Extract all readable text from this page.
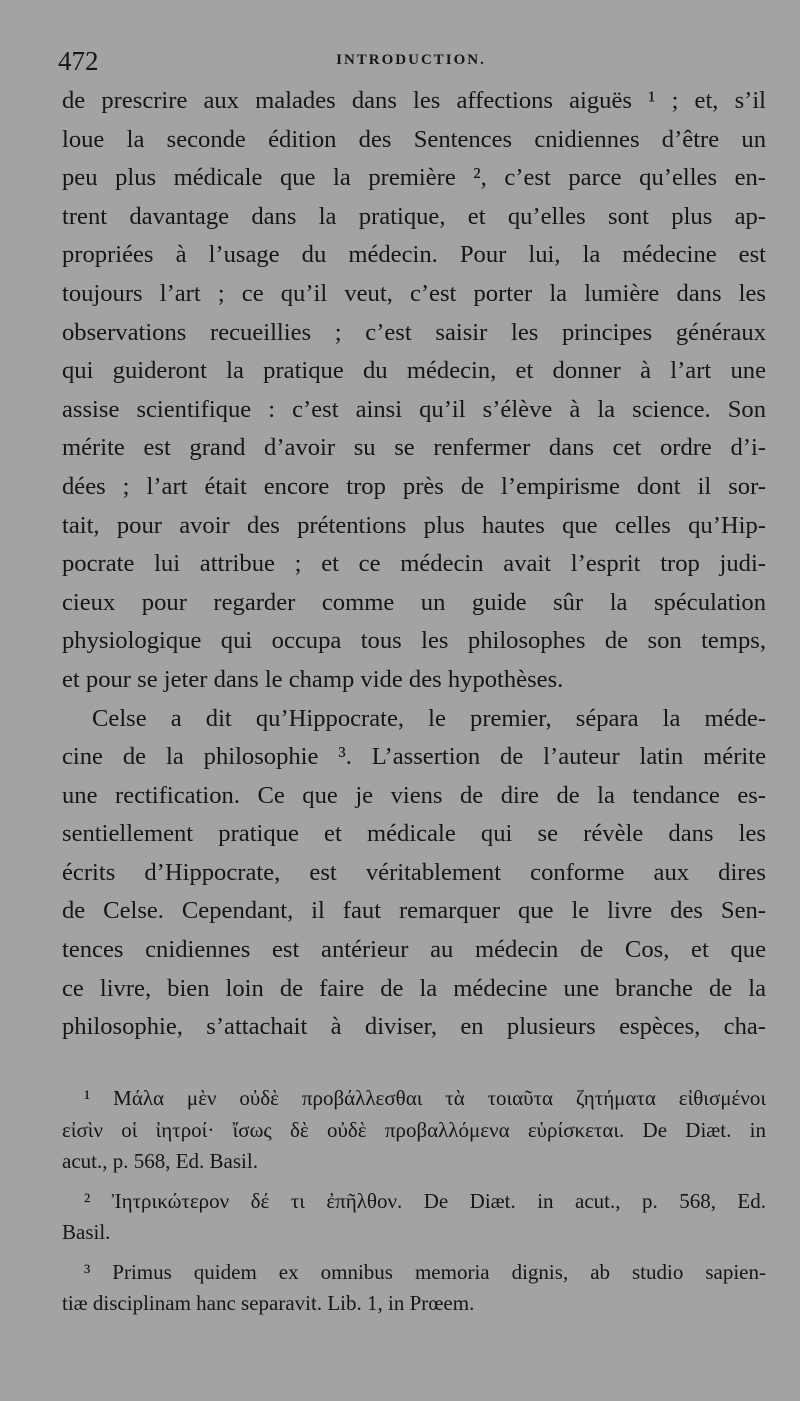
472	INTRODUCTION.
de prescrire aux malades dans les affections aiguës ¹ ; et, s’il
loue la seconde édition des Sentences cnidiennes d’être un
peu plus médicale que la première ², c’est parce qu’elles en-
trent davantage dans la pratique, et qu’elles sont plus ap-
propriées à l’usage du médecin. Pour lui, la médecine est
toujours l’art ; ce qu’il veut, c’est porter la lumière dans les
observations recueillies ; c’est saisir les principes généraux
qui guideront la pratique du médecin, et donner à l’art une
assise scientifique : c’est ainsi qu’il s’élève à la science. Son
mérite est grand d’avoir su se renfermer dans cet ordre d’i-
dées ; l’art était encore trop près de l’empirisme dont il sor-
tait, pour avoir des prétentions plus hautes que celles qu’Hip-
pocrate lui attribue ; et ce médecin avait l’esprit trop judi-
cieux pour regarder comme un guide sûr la spéculation
physiologique qui occupa tous les philosophes de son temps,
et pour se jeter dans le champ vide des hypothèses.
Celse a dit qu’Hippocrate, le premier, sépara la méde-
cine de la philosophie ³. L’assertion de l’auteur latin mérite
une rectification. Ce que je viens de dire de la tendance es-
sentiellement pratique et médicale qui se révèle dans les
écrits d’Hippocrate, est véritablement conforme aux dires
de Celse. Cependant, il faut remarquer que le livre des Sen-
tences cnidiennes est antérieur au médecin de Cos, et que
ce livre, bien loin de faire de la médecine une branche de la
philosophie, s’attachait à diviser, en plusieurs espèces, cha-
¹ Μάλα μὲν οὐδὲ προβάλλεσθαι τὰ τοιαῦτα ζητήματα εἰθισμένοι
εἰσὶν οἱ ἰητροί· ἴσως δὲ οὐδὲ προβαλλόμενα εὑρίσκεται. De Diæt. in
acut., p. 568, Ed. Basil.
² Ἰητρικώτερον δέ τι ἐπῆλθον. De Diæt. in acut., p. 568, Ed.
Basil.
³ Primus quidem ex omnibus memoria dignis, ab studio sapien-
tiæ disciplinam hanc separavit. Lib. 1, in Prœem.
